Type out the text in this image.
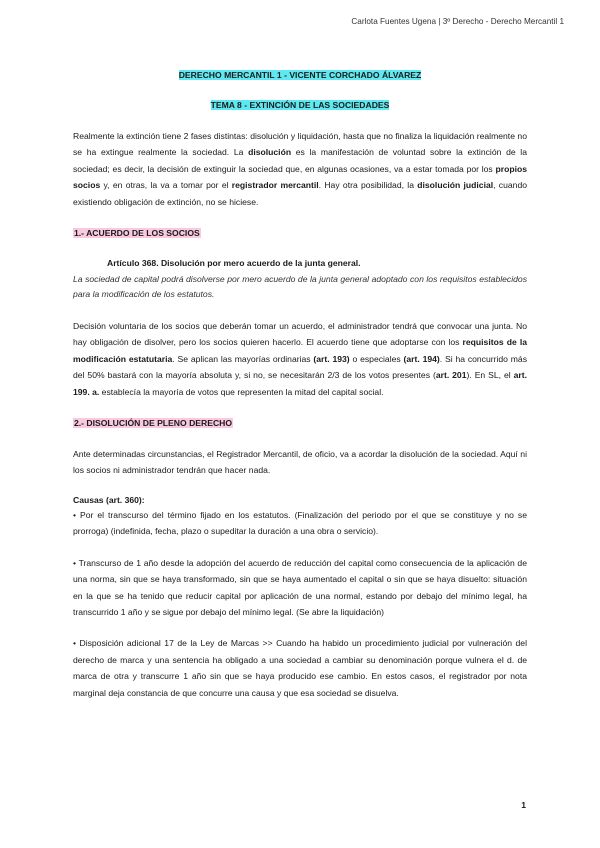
Carlota Fuentes Ugena | 3º Derecho - Derecho Mercantil 1
DERECHO MERCANTIL 1 - VICENTE CORCHADO ÁLVAREZ
TEMA 8 - EXTINCIÓN DE LAS SOCIEDADES

Realmente la extinción tiene 2 fases distintas: disolución y liquidación, hasta que no finaliza la liquidación realmente no se ha extingue realmente la sociedad. La disolución es la manifestación de voluntad sobre la extinción de la sociedad; es decir, la decisión de extinguir la sociedad que, en algunas ocasiones, va a estar tomada por los propios socios y, en otras, la va a tomar por el registrador mercantil. Hay otra posibilidad, la disolución judicial, cuando existiendo obligación de extinción, no se hiciese.

1.- ACUERDO DE LOS SOCIOS
Artículo 368. Disolución por mero acuerdo de la junta general.

La sociedad de capital podrá disolverse por mero acuerdo de la junta general adoptado con los requisitos establecidos para la modificación de los estatutos.

Decisión voluntaria de los socios que deberán tomar un acuerdo, el administrador tendrá que convocar una junta. No hay obligación de disolver, pero los socios quieren hacerlo. El acuerdo tiene que adoptarse con los requisitos de la modificación estatutaria. Se aplican las mayorías ordinarias (art. 193) o especiales (art. 194). Si ha concurrido más del 50% bastará con la mayoría absoluta y, si no, se necesitarán 2/3 de los votos presentes (art. 201). En SL, el art. 199. a. establecía la mayoría de votos que representen la mitad del capital social.

2.- DISOLUCIÓN DE PLENO DERECHO

Ante determinadas circunstancias, el Registrador Mercantil, de oficio, va a acordar la disolución de la sociedad. Aquí ni los socios ni administrador tendrán que hacer nada.

Causas (art. 360):

• Por el transcurso del término fijado en los estatutos. (Finalización del periodo por el que se constituye y no se prorroga) (indefinida, fecha, plazo o supeditar la duración a una obra o servicio).

• Transcurso de 1 año desde la adopción del acuerdo de reducción del capital como consecuencia de la aplicación de una norma, sin que se haya transformado, sin que se haya aumentado el capital o sin que se haya disuelto: situación en la que se ha tenido que reducir capital por aplicación de una normal, estando por debajo del mínimo legal, ha transcurrido 1 año y se sigue por debajo del mínimo legal. (Se abre la liquidación)

• Disposición adicional 17 de la Ley de Marcas >> Cuando ha habido un procedimiento judicial por vulneración del derecho de marca y una sentencia ha obligado a una sociedad a cambiar su denominación porque vulnera el d. de marca de otra y transcurre 1 año sin que se haya producido ese cambio. En estos casos, el registrador por nota marginal deja constancia de que concurre una causa y que esa sociedad se disuelva.

1
